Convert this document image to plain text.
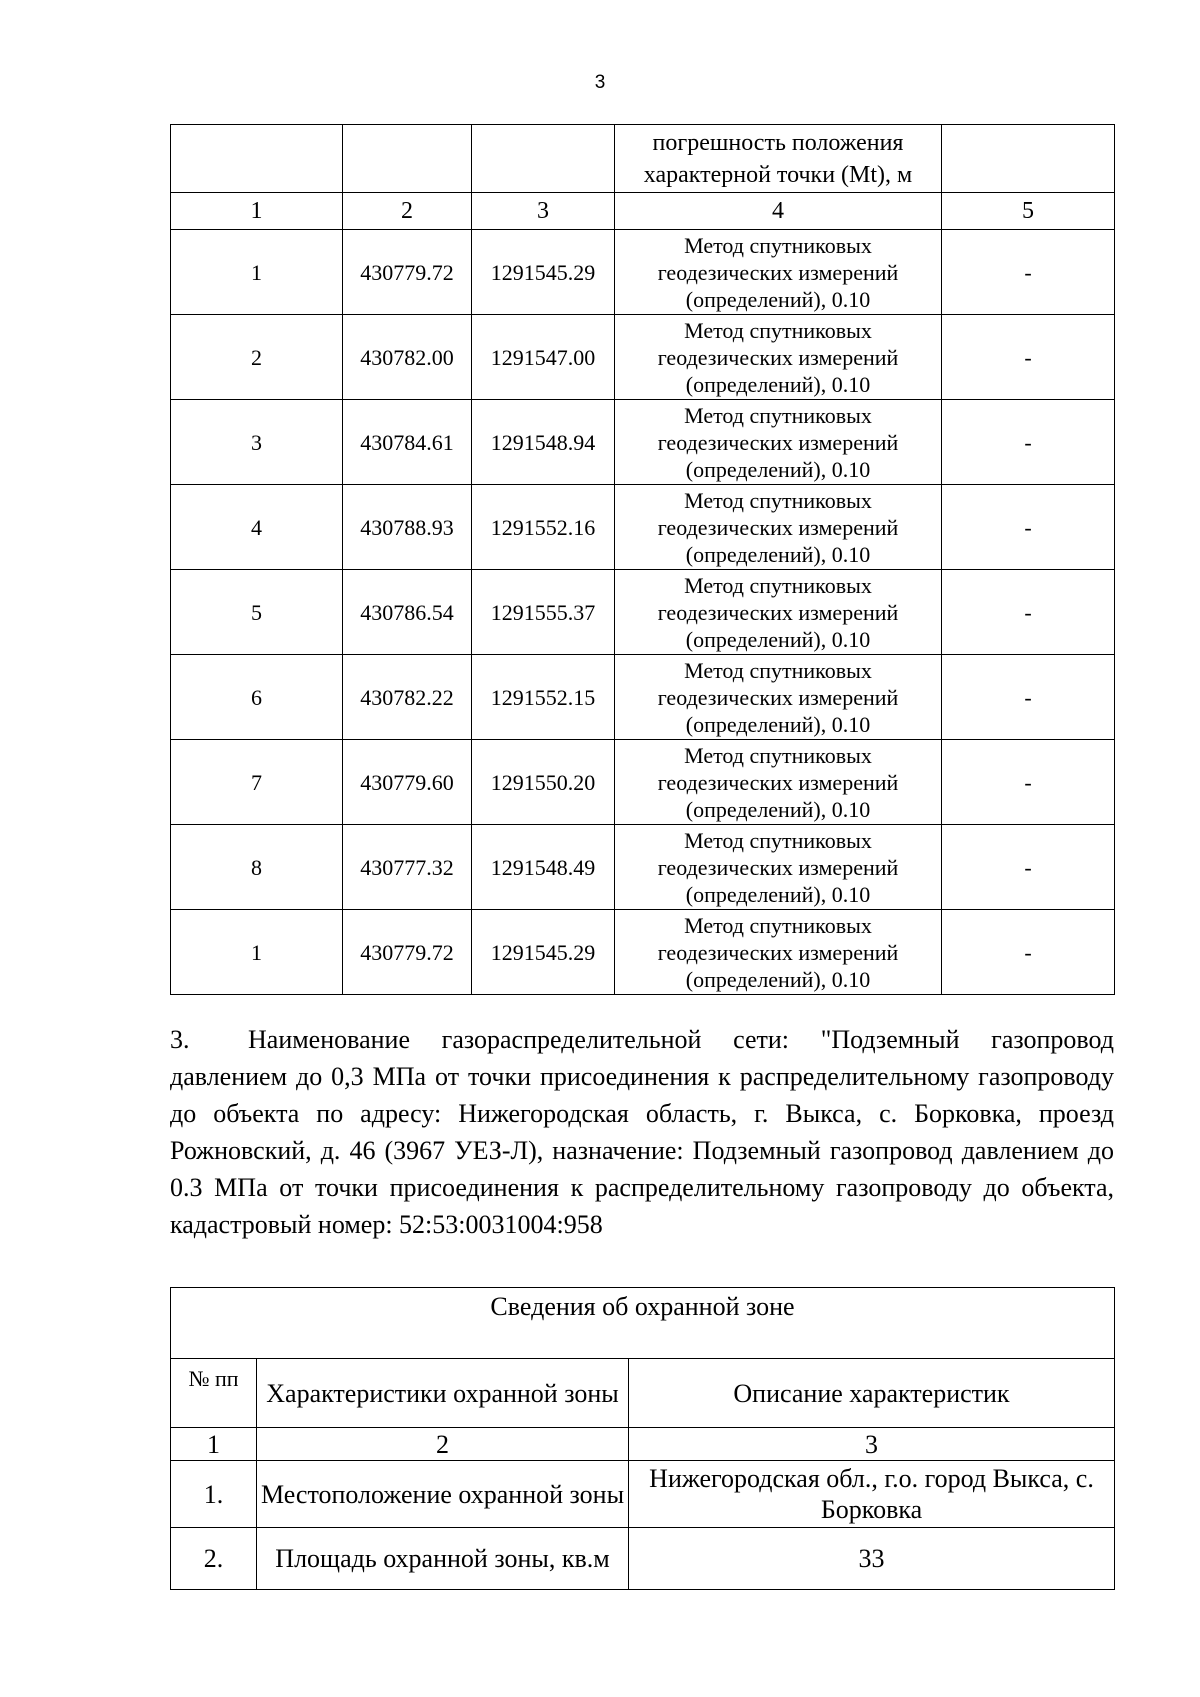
3
			погрешность положения характерной точки (Mt), м	
1	2	3	4	5
1	430779.72	1291545.29	Метод спутниковых геодезических измерений (определений), 0.10	-
2	430782.00	1291547.00	Метод спутниковых геодезических измерений (определений), 0.10	-
3	430784.61	1291548.94	Метод спутниковых геодезических измерений (определений), 0.10	-
4	430788.93	1291552.16	Метод спутниковых геодезических измерений (определений), 0.10	-
5	430786.54	1291555.37	Метод спутниковых геодезических измерений (определений), 0.10	-
6	430782.22	1291552.15	Метод спутниковых геодезических измерений (определений), 0.10	-
7	430779.60	1291550.20	Метод спутниковых геодезических измерений (определений), 0.10	-
8	430777.32	1291548.49	Метод спутниковых геодезических измерений (определений), 0.10	-
1	430779.72	1291545.29	Метод спутниковых геодезических измерений (определений), 0.10	-

3. Наименование газораспределительной сети: "Подземный газопровод давлением до 0,3 МПа от точки присоединения к распределительному газопроводу до объекта по адресу: Нижегородская область, г. Выкса, с. Борковка, проезд Рожновский, д. 46 (3967 УЕЗ-Л), назначение: Подземный газопровод давлением до 0.3 МПа от точки присоединения к распределительному газопроводу до объекта, кадастровый номер: 52:53:0031004:958

Сведения об охранной зоне		
№ пп	Характеристики охранной зоны	Описание характеристик
1	2	3
1.	Местоположение охранной зоны	Нижегородская обл., г.о. город Выкса, с. Борковка
2.	Площадь охранной зоны, кв.м	33
